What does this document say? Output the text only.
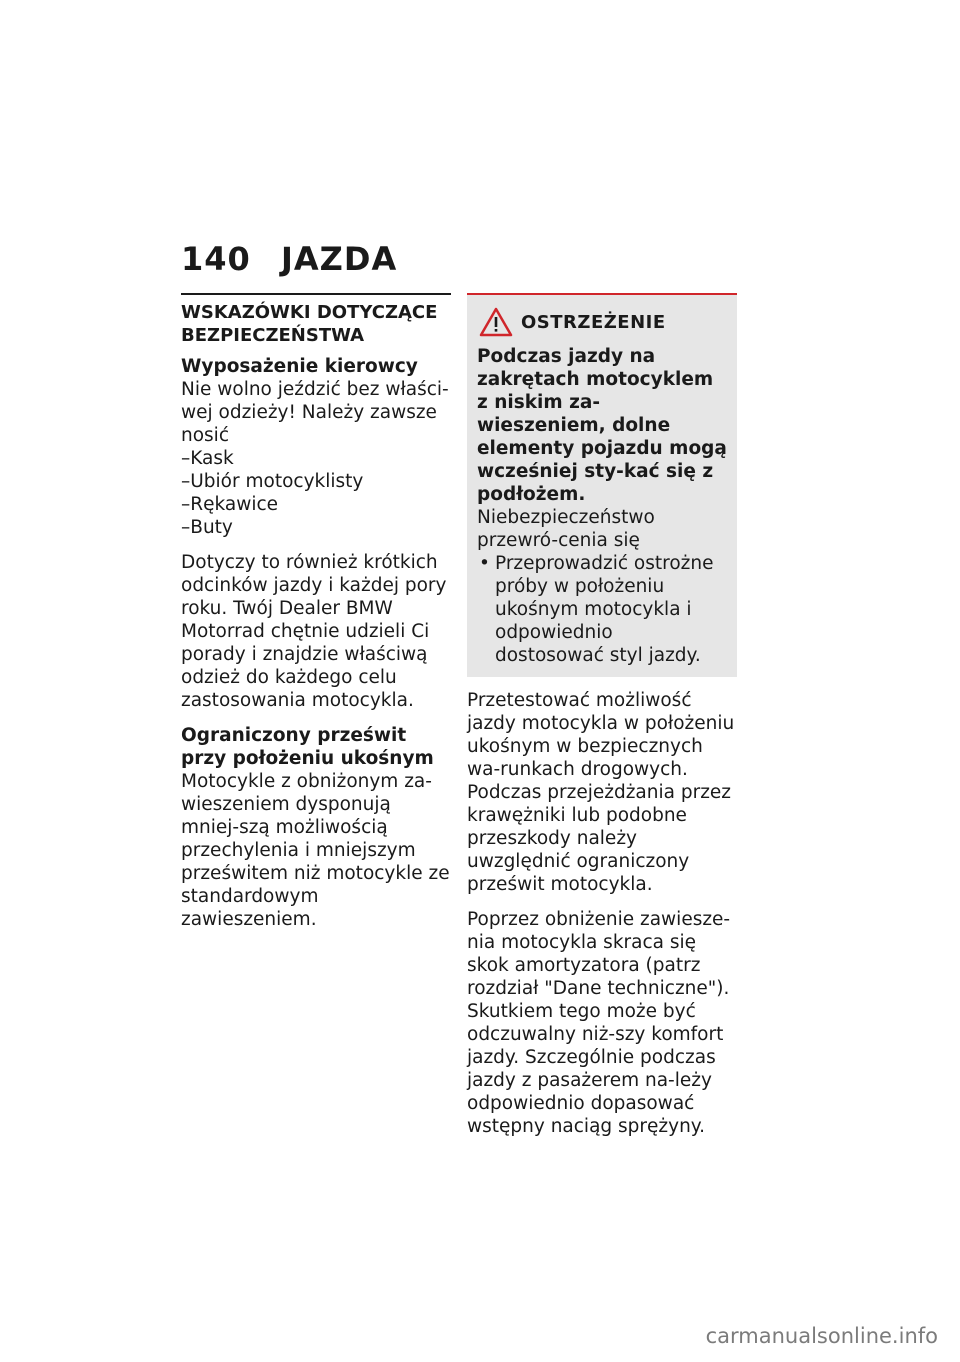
140 JAZDA
WSKAZÓWKI DOTYCZĄCE
BEZPIECZEŃSTWA

Wyposażenie kierowcy

Nie wolno jeździć bez właści-wej odzieży! Należy zawsze nosić
– Kask
– Ubiór motocyklisty
– Rękawice
– Buty

Dotyczy to również krótkich odcinków jazdy i każdej pory roku. Twój Dealer BMW Motorrad chętnie udzieli Ci porady i znajdzie właściwą odzież do każdego celu zastosowania motocykla.

Ograniczony prześwit przy położeniu ukośnym

Motocykle z obniżonym za-wieszeniem dysponują mniej-szą możliwością przechylenia i mniejszym prześwitem niż motocykle ze standardowym zawieszeniem.

OSTRZEŻENIE

Podczas jazdy na zakrętach motocyklem z niskim za-wieszeniem, dolne elementy pojazdu mogą wcześniej sty-kać się z podłożem.

Niebezpieczeństwo przewró-cenia się

• Przeprowadzić ostrożne próby w położeniu ukośnym motocykla i odpowiednio dostosować styl jazdy.

Przetestować możliwość jazdy motocykla w położeniu ukośnym w bezpiecznych wa-runkach drogowych. Podczas przejeżdżania przez krawężniki lub podobne przeszkody należy uwzględnić ograniczony prześwit motocykla.

Poprzez obniżenie zawiesze-nia motocykla skraca się skok amortyzatora (patrz rozdział "Dane techniczne"). Skutkiem tego może być odczuwalny niż-szy komfort jazdy. Szczególnie podczas jazdy z pasażerem na-leży odpowiednio dopasować wstępny naciąg sprężyny.

carmanualsonline.info
